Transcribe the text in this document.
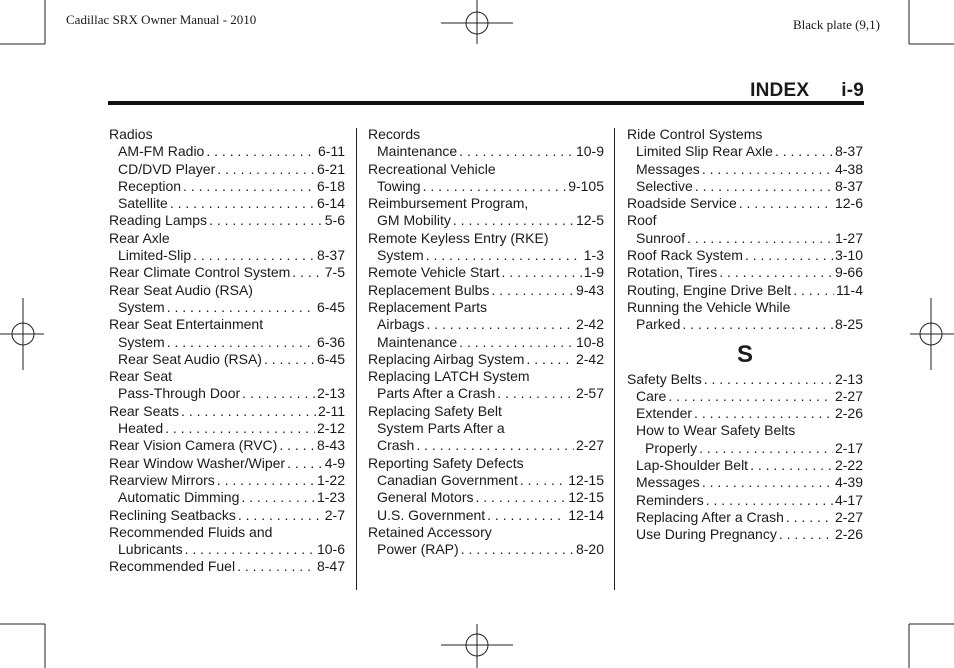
Cadillac SRX Owner Manual - 2010	Black plate (9,1)
INDEX i-9
Radios
AM-FM Radio . . .	6-11
CD/DVD Player . . .	6-21
Reception . . .	6-18
Satellite . . .	6-14
Reading Lamps . . .	5-6
Rear Axle
Limited-Slip . . .	8-37
Rear Climate Control System . . . 7-5
Rear Seat Audio (RSA)
System . . .	6-45
Rear Seat Entertainment
System . . .	6-36
Rear Seat Audio (RSA) . . .	6-45
Rear Seat
Pass-Through Door . . .	2-13
Rear Seats . . .	2-11
Heated . . .	2-12
Rear Vision Camera (RVC) . . .	8-43
Rear Window Washer/Wiper . . .	4-9
Rearview Mirrors . . .	1-22
Automatic Dimming . . .	1-23
Reclining Seatbacks . . .	2-7
Recommended Fluids and
Lubricants . . .	10-6
Recommended Fuel . . .	8-47
Records
Maintenance . . .	10-9
Recreational Vehicle
Towing . . .	9-105
Reimbursement Program,
GM Mobility . . .	12-5
Remote Keyless Entry (RKE)
System . . .	1-3
Remote Vehicle Start . . .	1-9
Replacement Bulbs . . .	9-43
Replacement Parts
Airbags . . .	2-42
Maintenance . . .	10-8
Replacing Airbag System . . .	2-42
Replacing LATCH System
Parts After a Crash . . .	2-57
Replacing Safety Belt
System Parts After a
Crash . . .	2-27
Reporting Safety Defects
Canadian Government . . .	12-15
General Motors . . .	12-15
U.S. Government . . .	12-14
Retained Accessory
Power (RAP) . . .	8-20
Ride Control Systems
Limited Slip Rear Axle . . .	8-37
Messages . . .	4-38
Selective . . .	8-37
Roadside Service . . .	12-6
Roof
Sunroof . . .	1-27
Roof Rack System . . .	3-10
Rotation, Tires . . .	9-66
Routing, Engine Drive Belt . . .	11-4
Running the Vehicle While
Parked . . .	8-25
S
Safety Belts . . .	2-13
Care . . .	2-27
Extender . . .	2-26
How to Wear Safety Belts
Properly . . .	2-17
Lap-Shoulder Belt . . .	2-22
Messages . . .	4-39
Reminders . . .	4-17
Replacing After a Crash . . .	2-27
Use During Pregnancy . . .	2-26
